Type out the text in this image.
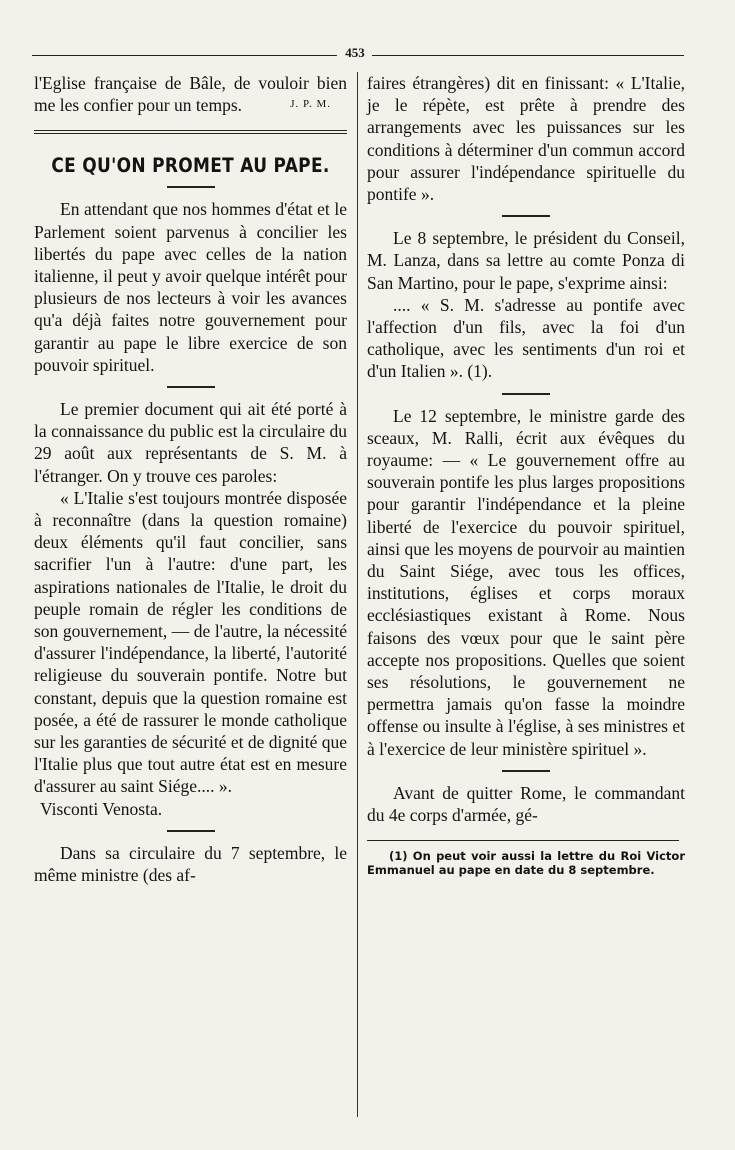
453

l'Eglise française de Bâle, de vouloir bien me les confier pour un temps.	J. P. M.
CE QU'ON PROMET AU PAPE.

En attendant que nos hommes d'état et le Parlement soient parvenus à concilier les libertés du pape avec celles de la nation italienne, il peut y avoir quelque intérêt pour plusieurs de nos lecteurs à voir les avances qu'a déjà faites notre gouvernement pour garantir au pape le libre exercice de son pouvoir spirituel.

Le premier document qui ait été porté à la connaissance du public est la circulaire du 29 août aux représentants de S. M. à l'étranger. On y trouve ces paroles:

« L'Italie s'est toujours montrée disposée à reconnaître (dans la question romaine) deux éléments qu'il faut concilier, sans sacrifier l'un à l'autre: d'une part, les aspirations nationales de l'Italie, le droit du peuple romain de régler les conditions de son gouvernement, — de l'autre, la nécessité d'assurer l'indépendance, la liberté, l'autorité religieuse du souverain pontife. Notre but constant, depuis que la question romaine est posée, a été de rassurer le monde catholique sur les garanties de sécurité et de dignité que l'Italie plus que tout autre état est en mesure d'assurer au saint Siége.... ».

Visconti Venosta.

Dans sa circulaire du 7 septembre, le même ministre (des af-

faires étrangères) dit en finissant: « L'Italie, je le répète, est prête à prendre des arrangements avec les puissances sur les conditions à déterminer d'un commun accord pour assurer l'indépendance spirituelle du pontife ».

Le 8 septembre, le président du Conseil, M. Lanza, dans sa lettre au comte Ponza di San Martino, pour le pape, s'exprime ainsi:

.... « S. M. s'adresse au pontife avec l'affection d'un fils, avec la foi d'un catholique, avec les sentiments d'un roi et d'un Italien ». (1).

Le 12 septembre, le ministre garde des sceaux, M. Ralli, écrit aux évêques du royaume: — « Le gouvernement offre au souverain pontife les plus larges propositions pour garantir l'indépendance et la pleine liberté de l'exercice du pouvoir spirituel, ainsi que les moyens de pourvoir au maintien du Saint Siége, avec tous les offices, institutions, églises et corps moraux ecclésiastiques existant à Rome. Nous faisons des vœux pour que le saint père accepte nos propositions. Quelles que soient ses résolutions, le gouvernement ne permettra jamais qu'on fasse la moindre offense ou insulte à l'église, à ses ministres et à l'exercice de leur ministère spirituel ».

Avant de quitter Rome, le commandant du 4e corps d'armée, gé-

(1) On peut voir aussi la lettre du Roi Victor Emmanuel au pape en date du 8 septembre.
